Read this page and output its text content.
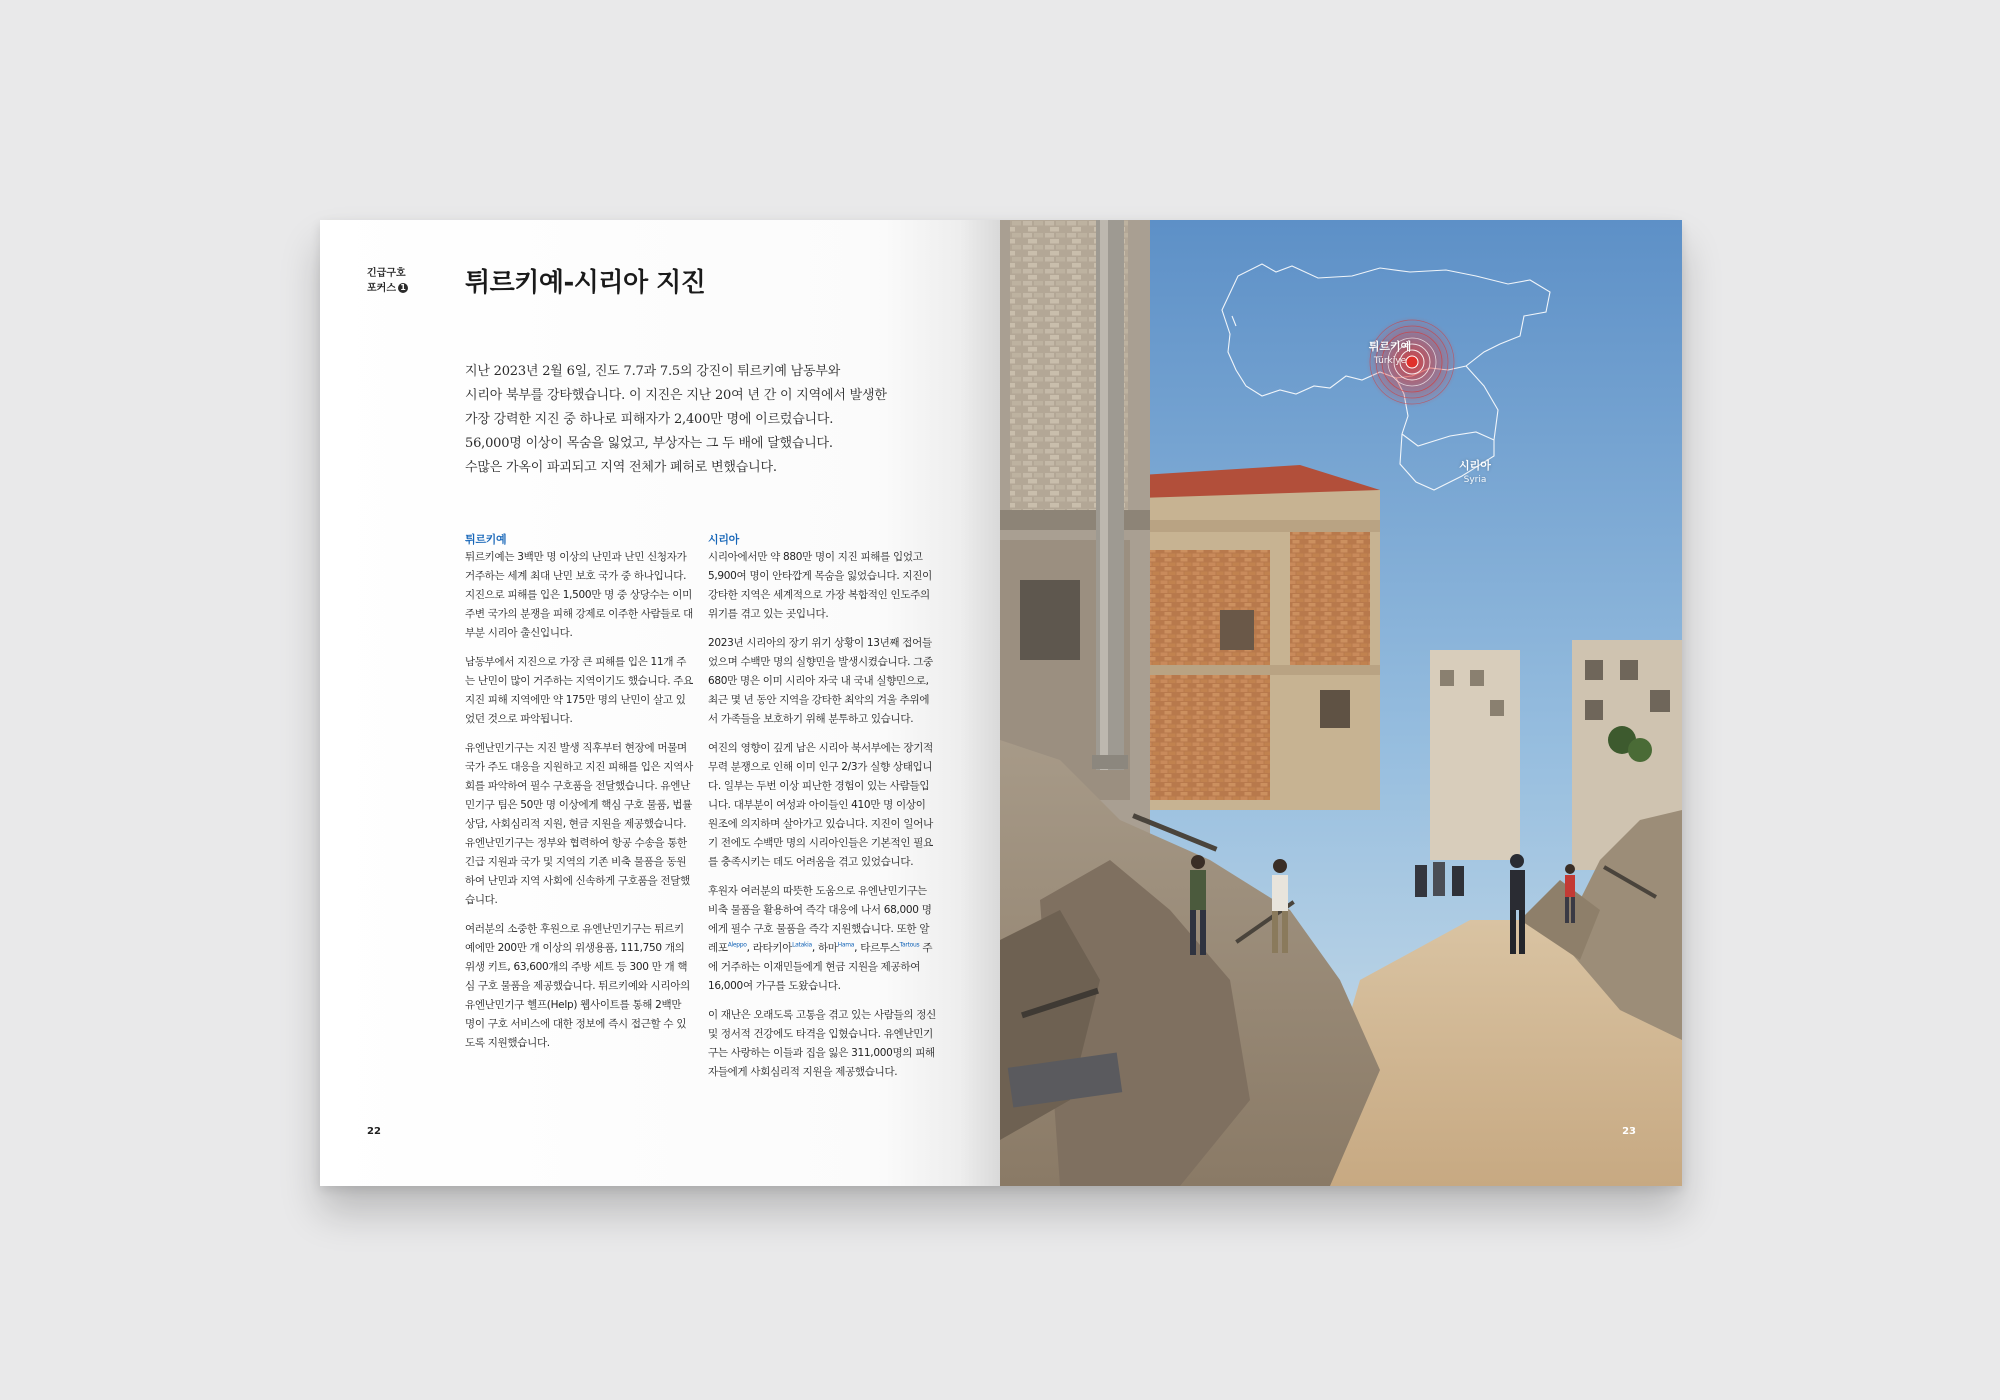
긴급구호
포커스 1 튀르키예-시리아 지진

지난 2023년 2월 6일, 진도 7.7과 7.5의 강진이 튀르키예 남동부와

시리아 북부를 강타했습니다. 이 지진은 지난 20여 년 간 이 지역에서 발생한

가장 강력한 지진 중 하나로 피해자가 2,400만 명에 이르렀습니다.

56,000명 이상이 목숨을 잃었고, 부상자는 그 두 배에 달했습니다.

수많은 가옥이 파괴되고 지역 전체가 폐허로 변했습니다.

튀르키예

튀르키예는 3백만 명 이상의 난민과 난민 신청자가 거주하는 세계 최대 난민 보호 국가 중 하나입니다. 지진으로 피해를 입은 1,500만 명 중 상당수는 이미 주변 국가의 분쟁을 피해 강제로 이주한 사람들로 대부분 시리아 출신입니다.

남동부에서 지진으로 가장 큰 피해를 입은 11개 주는 난민이 많이 거주하는 지역이기도 했습니다. 주요 지진 피해 지역에만 약 175만 명의 난민이 살고 있었던 것으로 파악됩니다.

유엔난민기구는 지진 발생 직후부터 현장에 머물며 국가 주도 대응을 지원하고 지진 피해를 입은 지역사회를 파악하여 필수 구호품을 전달했습니다. 유엔난민기구 팀은 50만 명 이상에게 핵심 구호 물품, 법률 상담, 사회심리적 지원, 현금 지원을 제공했습니다. 유엔난민기구는 정부와 협력하여 항공 수송을 통한 긴급 지원과 국가 및 지역의 기존 비축 물품을 동원하여 난민과 지역 사회에 신속하게 구호품을 전달했습니다.

여러분의 소중한 후원으로 유엔난민기구는 튀르키예에만 200만 개 이상의 위생용품, 111,750 개의 위생 키트, 63,600개의 주방 세트 등 300 만 개 핵심 구호 물품을 제공했습니다. 튀르키예와 시리아의 유엔난민기구 헬프(Help) 웹사이트를 통해 2백만 명이 구호 서비스에 대한 정보에 즉시 접근할 수 있도록 지원했습니다.

시리아

시리아에서만 약 880만 명이 지진 피해를 입었고 5,900여 명이 안타깝게 목숨을 잃었습니다. 지진이 강타한 지역은 세계적으로 가장 복합적인 인도주의 위기를 겪고 있는 곳입니다.

2023년 시리아의 장기 위기 상황이 13년째 접어들었으며 수백만 명의 실향민을 발생시켰습니다. 그중 680만 명은 이미 시리아 자국 내 국내 실향민으로, 최근 몇 년 동안 지역을 강타한 최악의 겨울 추위에서 가족들을 보호하기 위해 분투하고 있습니다.

여진의 영향이 깊게 남은 시리아 북서부에는 장기적 무력 분쟁으로 인해 이미 인구 2/3가 실향 상태입니다. 일부는 두번 이상 피난한 경험이 있는 사람들입니다. 대부분이 여성과 아이들인 410만 명 이상이 원조에 의지하며 살아가고 있습니다. 지진이 일어나기 전에도 수백만 명의 시리아인들은 기본적인 필요를 충족시키는 데도 어려움을 겪고 있었습니다.

후원자 여러분의 따뜻한 도움으로 유엔난민기구는 비축 물품을 활용하여 즉각 대응에 나서 68,000 명에게 필수 구호 물품을 즉각 지원했습니다. 또한 알레포$^{Aleppo}$, 라타키아$^{Latakia}$, 하마$^{Hama}$, 타르투스$^{Tartous}$ 주에 거주하는 이재민들에게 현금 지원을 제공하여 16,000여 가구를 도왔습니다.

이 재난은 오래도록 고통을 겪고 있는 사람들의 정신 및 정서적 건강에도 타격을 입혔습니다. 유엔난민기구는 사랑하는 이들과 집을 잃은 311,000명의 피해자들에게 사회심리적 지원을 제공했습니다.

22
튀르키예
Türkiye
시리아
Syria
23
